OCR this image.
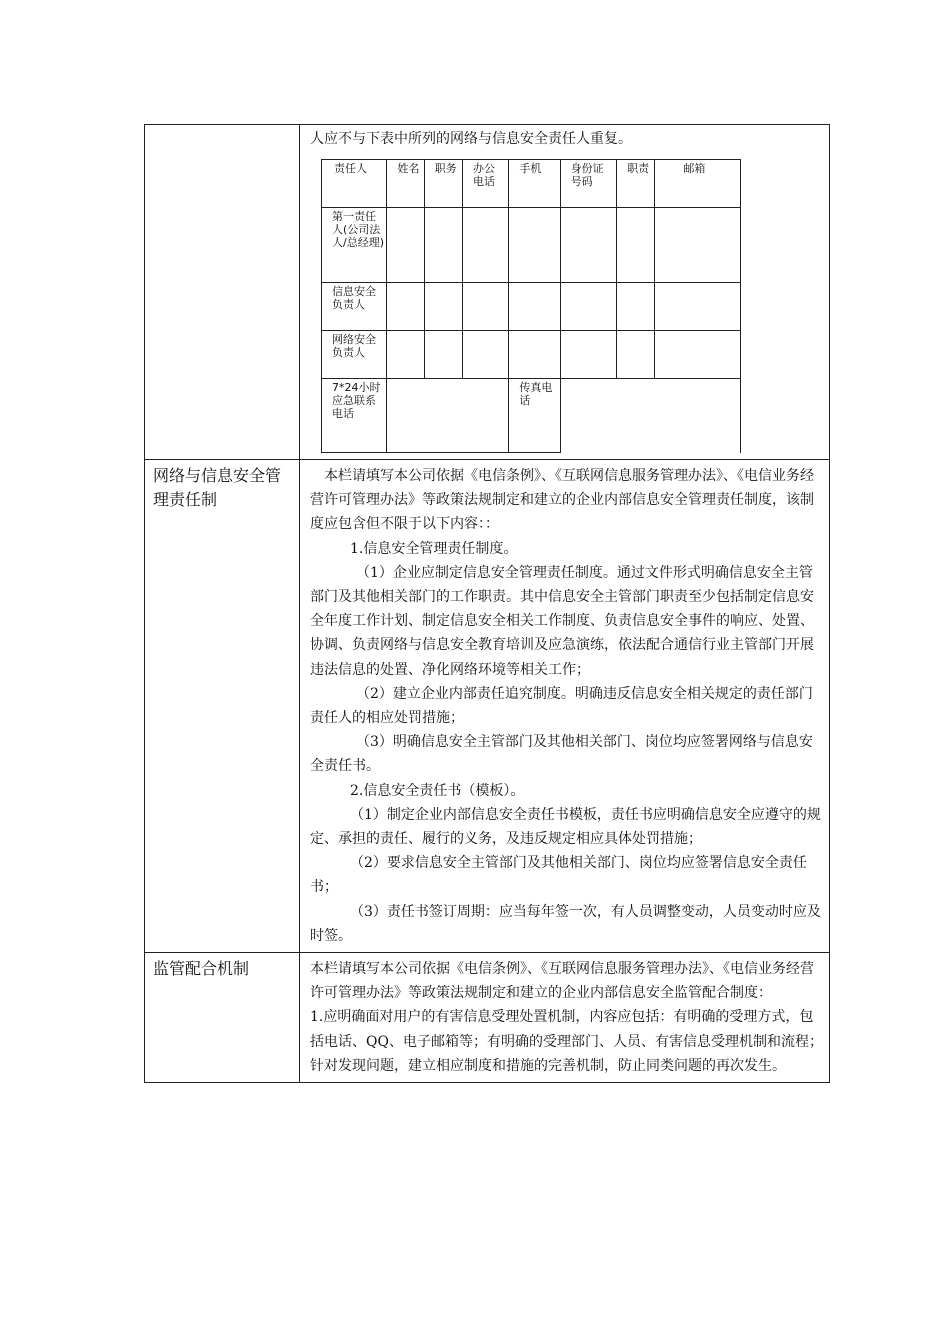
人应不与下表中所列的网络与信息安全责任人重复。

责任人	姓名	职务	办公电话	手机	身份证号码	职责	邮箱
第一责任人(公司法人/总经理)							
信息安全负责人							
网络安全负责人							
7*24小时应急联系电话		传真电话	

网络与信息安全管理责任制	

本栏请填写本公司依据《电信条例》、《互联网信息服务管理办法》、《电信业务经营许可管理办法》等政策法规制定和建立的企业内部信息安全管理责任制度，该制度应包含但不限于以下内容：：

1.信息安全管理责任制度。

（1）企业应制定信息安全管理责任制度。通过文件形式明确信息安全主管部门及其他相关部门的工作职责。其中信息安全主管部门职责至少包括制定信息安全年度工作计划、制定信息安全相关工作制度、负责信息安全事件的响应、处置、协调、负责网络与信息安全教育培训及应急演练，依法配合通信行业主管部门开展违法信息的处置、净化网络环境等相关工作；

（2）建立企业内部责任追究制度。明确违反信息安全相关规定的责任部门责任人的相应处罚措施；

（3）明确信息安全主管部门及其他相关部门、岗位均应签署网络与信息安全责任书。

2.信息安全责任书（模板）。

（1）制定企业内部信息安全责任书模板，责任书应明确信息安全应遵守的规定、承担的责任、履行的义务，及违反规定相应具体处罚措施；

（2）要求信息安全主管部门及其他相关部门、岗位均应签署信息安全责任书；

（3）责任书签订周期：应当每年签一次，有人员调整变动，人员变动时应及时签。

监管配合机制	本栏请填写本公司依据《电信条例》、《互联网信息服务管理办法》、《电信业务经营许可管理办法》等政策法规制定和建立的企业内部信息安全监管配合制度：

1.应明确面对用户的有害信息受理处置机制，内容应包括：有明确的受理方式，包括电话、QQ、电子邮箱等；有明确的受理部门、人员、有害信息受理机制和流程；针对发现问题，建立相应制度和措施的完善机制，防止同类问题的再次发生。
